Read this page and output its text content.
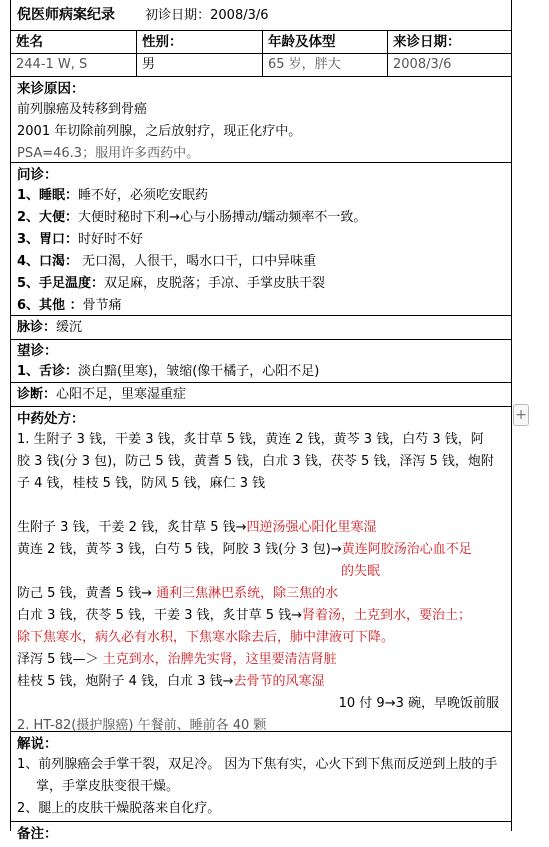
倪医师病案纪录 初诊日期：2008/3/6
姓名	性别：	年龄及体型	来诊日期：
244-1 W, S	男	65 岁，胖大	2008/3/6
来诊原因：
前列腺癌及转移到骨癌
2001 年切除前列腺，之后放射疗，现正化疗中。
PSA=46.3；服用许多西药中。
问诊：
1、睡眠：睡不好，必须吃安眠药
2、大便：大便时秘时下利→心与小肠搏动/蠕动频率不一致。
3、胃口：时好时不好
4、口渴： 无口渴，人很干，喝水口干，口中异味重
5、手足温度：双足麻，皮脱落；手凉、手掌皮肤干裂
6、其他 ：骨节痛
脉诊：缓沉
望诊：
1、舌诊：淡白黯(里寒)，皱缩(像干橘子，心阳不足)
诊断：心阳不足，里寒湿重症
中药处方：
1. 生附子 3 钱，干姜 3 钱，炙甘草 5 钱，黄连 2 钱，黄芩 3 钱，白芍 3 钱，阿
胶 3 钱(分 3 包)，防己 5 钱，黄耆 5 钱，白朮 3 钱，茯苓 5 钱，泽泻 5 钱，炮附
子 4 钱，桂枝 5 钱，防风 5 钱，麻仁 3 钱

生附子 3 钱，干姜 2 钱，炙甘草 5 钱→四逆汤强心阳化里寒湿
黄连 2 钱，黄芩 3 钱，白芍 5 钱，阿胶 3 钱(分 3 包)→黄连阿胶汤治心血不足
的失眠
防己 5 钱，黄耆 5 钱→ 通利三焦淋巴系统，除三焦的水
白朮 3 钱，茯苓 5 钱，干姜 3 钱，炙甘草 5 钱→肾着汤，土克到水，要治土；
除下焦寒水，病久必有水积，下焦寒水除去后，肺中津液可下降。
泽泻 5 钱—＞ 土克到水，治脾先实肾，这里要清洁肾脏
桂枝 5 钱，炮附子 4 钱，白朮 3 钱→去骨节的风寒湿
10 付 9→3 碗，早晚饭前服
2. HT-82(摄护腺癌) 午餐前、睡前各 40 颗
解说：
1、前列腺癌会手掌干裂，双足冷。 因为下焦有实，心火下到下焦而反逆到上肢的手掌，手掌皮肤变很干燥。
2、腿上的皮肤干燥脱落来自化疗。
备注：
+
